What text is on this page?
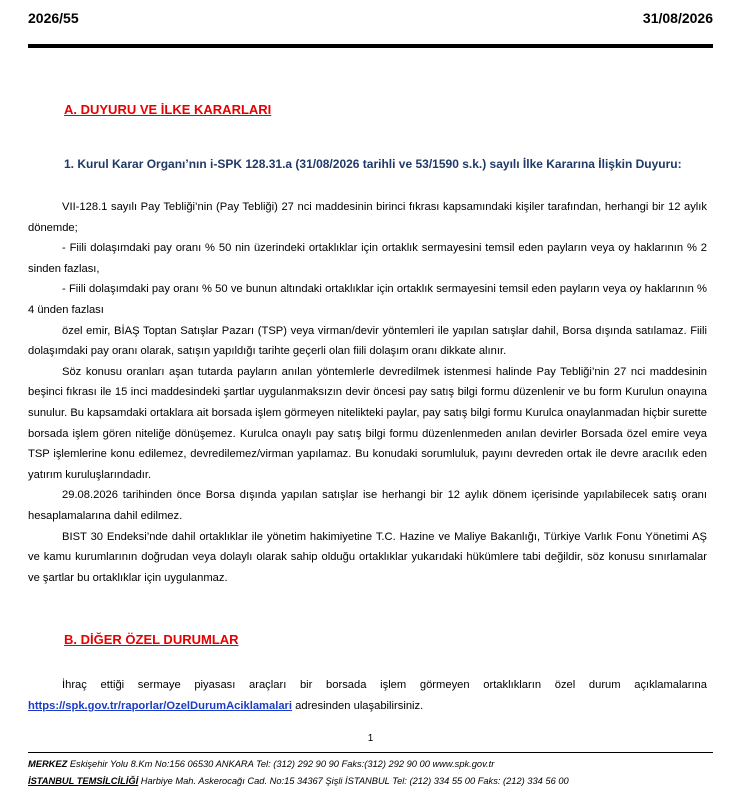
2026/55	31/08/2026
A. DUYURU VE İLKE KARARLARI
1. Kurul Karar Organı’nın i-SPK 128.31.a (31/08/2026 tarihli ve 53/1590 s.k.) sayılı İlke Kararına İlişkin Duyuru:

VII-128.1 sayılı Pay Tebliği’nin (Pay Tebliği) 27 nci maddesinin birinci fıkrası kapsamındaki kişiler tarafından, herhangi bir 12 aylık dönemde;

- Fiili dolaşımdaki pay oranı % 50 nin üzerindeki ortaklıklar için ortaklık sermayesini temsil eden payların veya oy haklarının % 2 sinden fazlası,

- Fiili dolaşımdaki pay oranı % 50 ve bunun altındaki ortaklıklar için ortaklık sermayesini temsil eden payların veya oy haklarının % 4 ünden fazlası

özel emir, BİAŞ Toptan Satışlar Pazarı (TSP) veya virman/devir yöntemleri ile yapılan satışlar dahil, Borsa dışında satılamaz. Fiili dolaşımdaki pay oranı olarak, satışın yapıldığı tarihte geçerli olan fiili dolaşım oranı dikkate alınır.

Söz konusu oranları aşan tutarda payların anılan yöntemlerle devredilmek istenmesi halinde Pay Tebliği’nin 27 nci maddesinin beşinci fıkrası ile 15 inci maddesindeki şartlar uygulanmaksızın devir öncesi pay satış bilgi formu düzenlenir ve bu form Kurulun onayına sunulur. Bu kapsamdaki ortaklara ait borsada işlem görmeyen nitelikteki paylar, pay satış bilgi formu Kurulca onaylanmadan hiçbir surette borsada işlem gören niteliğe dönüşemez. Kurulca onaylı pay satış bilgi formu düzenlenmeden anılan devirler Borsada özel emire veya TSP işlemlerine konu edilemez, devredilemez/virman yapılamaz. Bu konudaki sorumluluk, payını devreden ortak ile devre aracılık eden yatırım kuruluşlarındadır.

29.08.2026 tarihinden önce Borsa dışında yapılan satışlar ise herhangi bir 12 aylık dönem içerisinde yapılabilecek satış oranı hesaplamalarına dahil edilmez.

BIST 30 Endeksi’nde dahil ortaklıklar ile yönetim hakimiyetine T.C. Hazine ve Maliye Bakanlığı, Türkiye Varlık Fonu Yönetimi AŞ ve kamu kurumlarının doğrudan veya dolaylı olarak sahip olduğu ortaklıklar yukarıdaki hükümlere tabi değildir, söz konusu sınırlamalar ve şartlar bu ortaklıklar için uygulanmaz.

B. DİĞER ÖZEL DURUMLAR

İhraç ettiği sermaye piyasası araçları bir borsada işlem görmeyen ortaklıkların özel durum açıklamalarına https://spk.gov.tr/raporlar/OzelDurumAciklamalari adresinden ulaşabilirsiniz.

1
MERKEZ Eskişehir Yolu 8.Km No:156 06530 ANKARA Tel: (312) 292 90 90 Faks:(312) 292 90 00 www.spk.gov.tr
İSTANBUL TEMSİLCİLİĞİ Harbiye Mah. Askerocağı Cad. No:15 34367 Şişli İSTANBUL Tel: (212) 334 55 00 Faks: (212) 334 56 00
